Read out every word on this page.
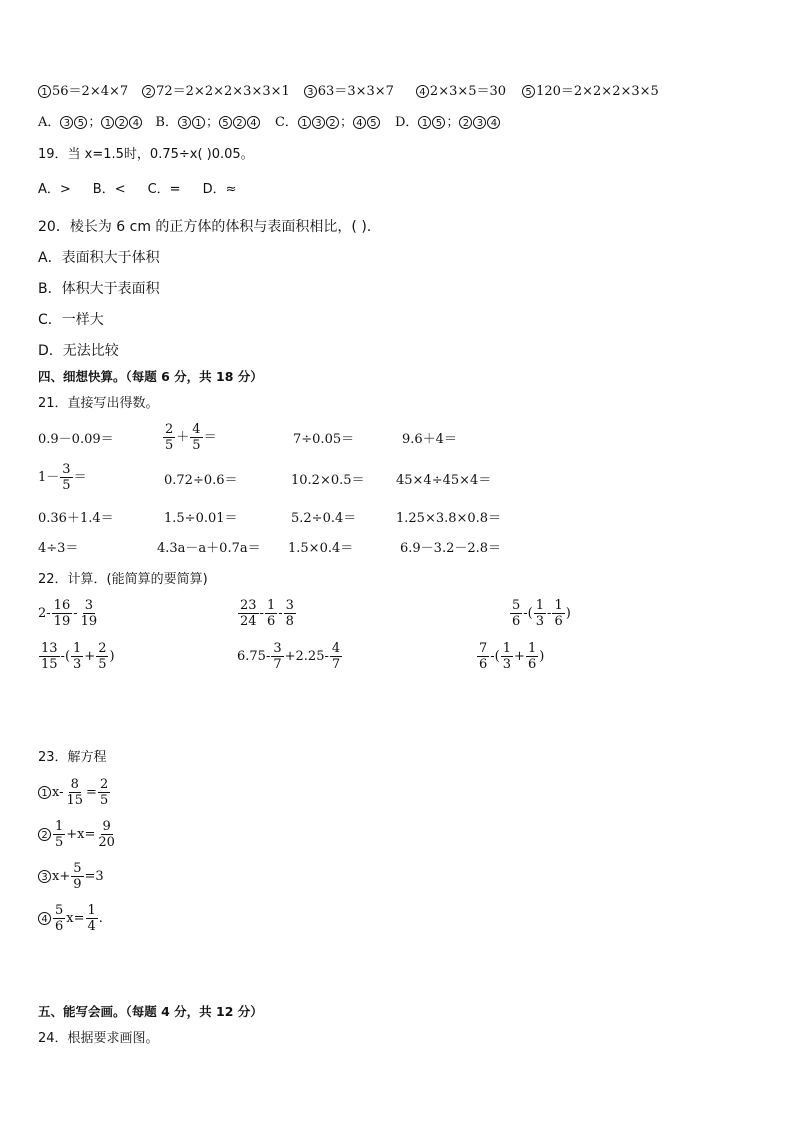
1 56＝2×4×7	2 72＝2×2×2×3×3×1	3 63＝3×3×7	4 2×3×5＝30	5 120＝2×2×2×3×5
A． 3 5 ； 1 2 4 B． 3 1 ； 5 2 4 C． 1 3 2 ； 4 5 D． 1 5 ； 2 3 4
19．当 x=1.5时，0.75÷x( )0.05。
A．> B．< C．= D．≈
20．棱长为 6 cm 的正方体的体积与表面积相比，( ).
A．表面积大于体积
B．体积大于表面积
C．一样大
D．无法比较
四、细想快算。（每题 6 分，共 18 分）
21．直接写出得数。
0.9－0.09＝	$\frac{2}{5} + \frac{4}{5}$ ＝	7÷0.05＝	9.6＋4＝
$1- \frac{3}{5}$ ＝	0.72÷0.6＝	10.2×0.5＝ 45×4÷45×4＝
0.36＋1.4＝	1.5÷0.01＝	5.2÷0.4＝	1.25×3.8×0.8＝
4÷3＝	4.3a－a＋0.7a＝ 1.5×0.4＝	6.9－3.2－2.8＝
22．计算．(能简算的要简算)
$2- \frac{16}{19} - \frac{3}{19}$	$\frac{23}{24} - \frac{1}{6} - \frac{3}{8}$	$\frac{5}{6}$ -( $\frac{1}{3} - \frac{1}{6}$ )
$\frac{13}{15}$ -( $\frac{1}{3} + \frac{2}{5}$ )	$6.75- \frac{3}{7} +2.25- \frac{4}{7}$	$\frac{7}{6}$ -( $\frac{1}{3} + \frac{1}{6}$ )
23．解方程
1 $x- \frac{8}{15} = \frac{2}{5}$
$2 \frac{1}{5} +x= \frac{9}{20}$
3 $x+ \frac{5}{9} =3$
$4 \frac{5}{6} x= \frac{1}{4}$ .
五、能写会画。（每题 4 分，共 12 分）
24．根据要求画图。
